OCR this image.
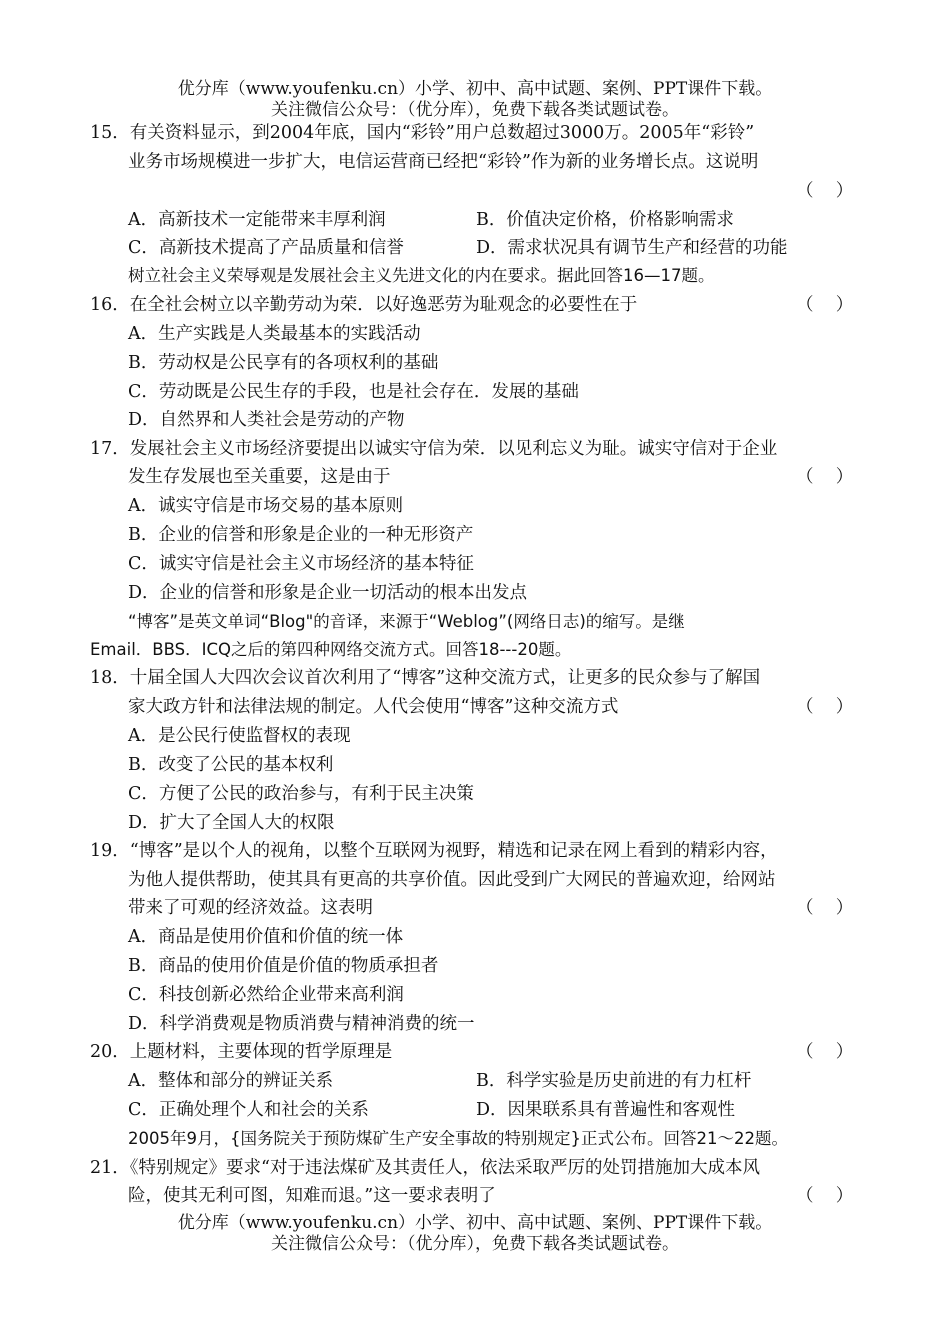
优分库（www.youfenku.cn）小学、初中、高中试题、案例、PPT课件下载。
关注微信公众号：（优分库），免费下载各类试题试卷。
15．有关资料显示，到2004年底，国内“彩铃”用户总数超过3000万。2005年“彩铃”
业务市场规模进一步扩大，电信运营商已经把“彩铃”作为新的业务增长点。这说明
（    ）
A．高新技术一定能带来丰厚利润	B．价值决定价格，价格影响需求
C．高新技术提高了产品质量和信誉	D．需求状况具有调节生产和经营的功能
树立社会主义荣辱观是发展社会主义先进文化的内在要求。据此回答16—17题。
16．在全社会树立以辛勤劳动为荣．以好逸恶劳为耻观念的必要性在于	（    ）
A．生产实践是人类最基本的实践活动
B．劳动权是公民享有的各项权利的基础
C．劳动既是公民生存的手段，也是社会存在．发展的基础
D．自然界和人类社会是劳动的产物
17．发展社会主义市场经济要提出以诚实守信为荣．以见利忘义为耻。诚实守信对于企业
发生存发展也至关重要，这是由于	（    ）
A．诚实守信是市场交易的基本原则
B．企业的信誉和形象是企业的一种无形资产
C．诚实守信是社会主义市场经济的基本特征
D．企业的信誉和形象是企业一切活动的根本出发点
“博客”是英文单词“Blog"的音译，来源于“Weblog”(网络日志)的缩写。是继
Email．BBS．ICQ之后的第四种网络交流方式。回答18---20题。
18．十届全国人大四次会议首次利用了“博客”这种交流方式，让更多的民众参与了解国
家大政方针和法律法规的制定。人代会使用“博客”这种交流方式	（    ）
A．是公民行使监督权的表现
B．改变了公民的基本权利
C．方便了公民的政治参与，有利于民主决策
D．扩大了全国人大的权限
19．“博客”是以个人的视角，以整个互联网为视野，精选和记录在网上看到的精彩内容，
为他人提供帮助，使其具有更高的共享价值。因此受到广大网民的普遍欢迎，给网站
带来了可观的经济效益。这表明	（    ）
A．商品是使用价值和价值的统一体
B．商品的使用价值是价值的物质承担者
C．科技创新必然给企业带来高利润
D．科学消费观是物质消费与精神消费的统一
20．上题材料，主要体现的哲学原理是	（    ）
A．整体和部分的辨证关系	B．科学实验是历史前进的有力杠杆
C．正确处理个人和社会的关系	D．因果联系具有普遍性和客观性
2005年9月，{国务院关于预防煤矿生产安全事故的特别规定}正式公布。回答21～22题。
21．《特别规定》要求“对于违法煤矿及其责任人，依法采取严厉的处罚措施加大成本风
险，使其无利可图，知难而退。”这一要求表明了	（    ）
优分库（www.youfenku.cn）小学、初中、高中试题、案例、PPT课件下载。
关注微信公众号：（优分库），免费下载各类试题试卷。
